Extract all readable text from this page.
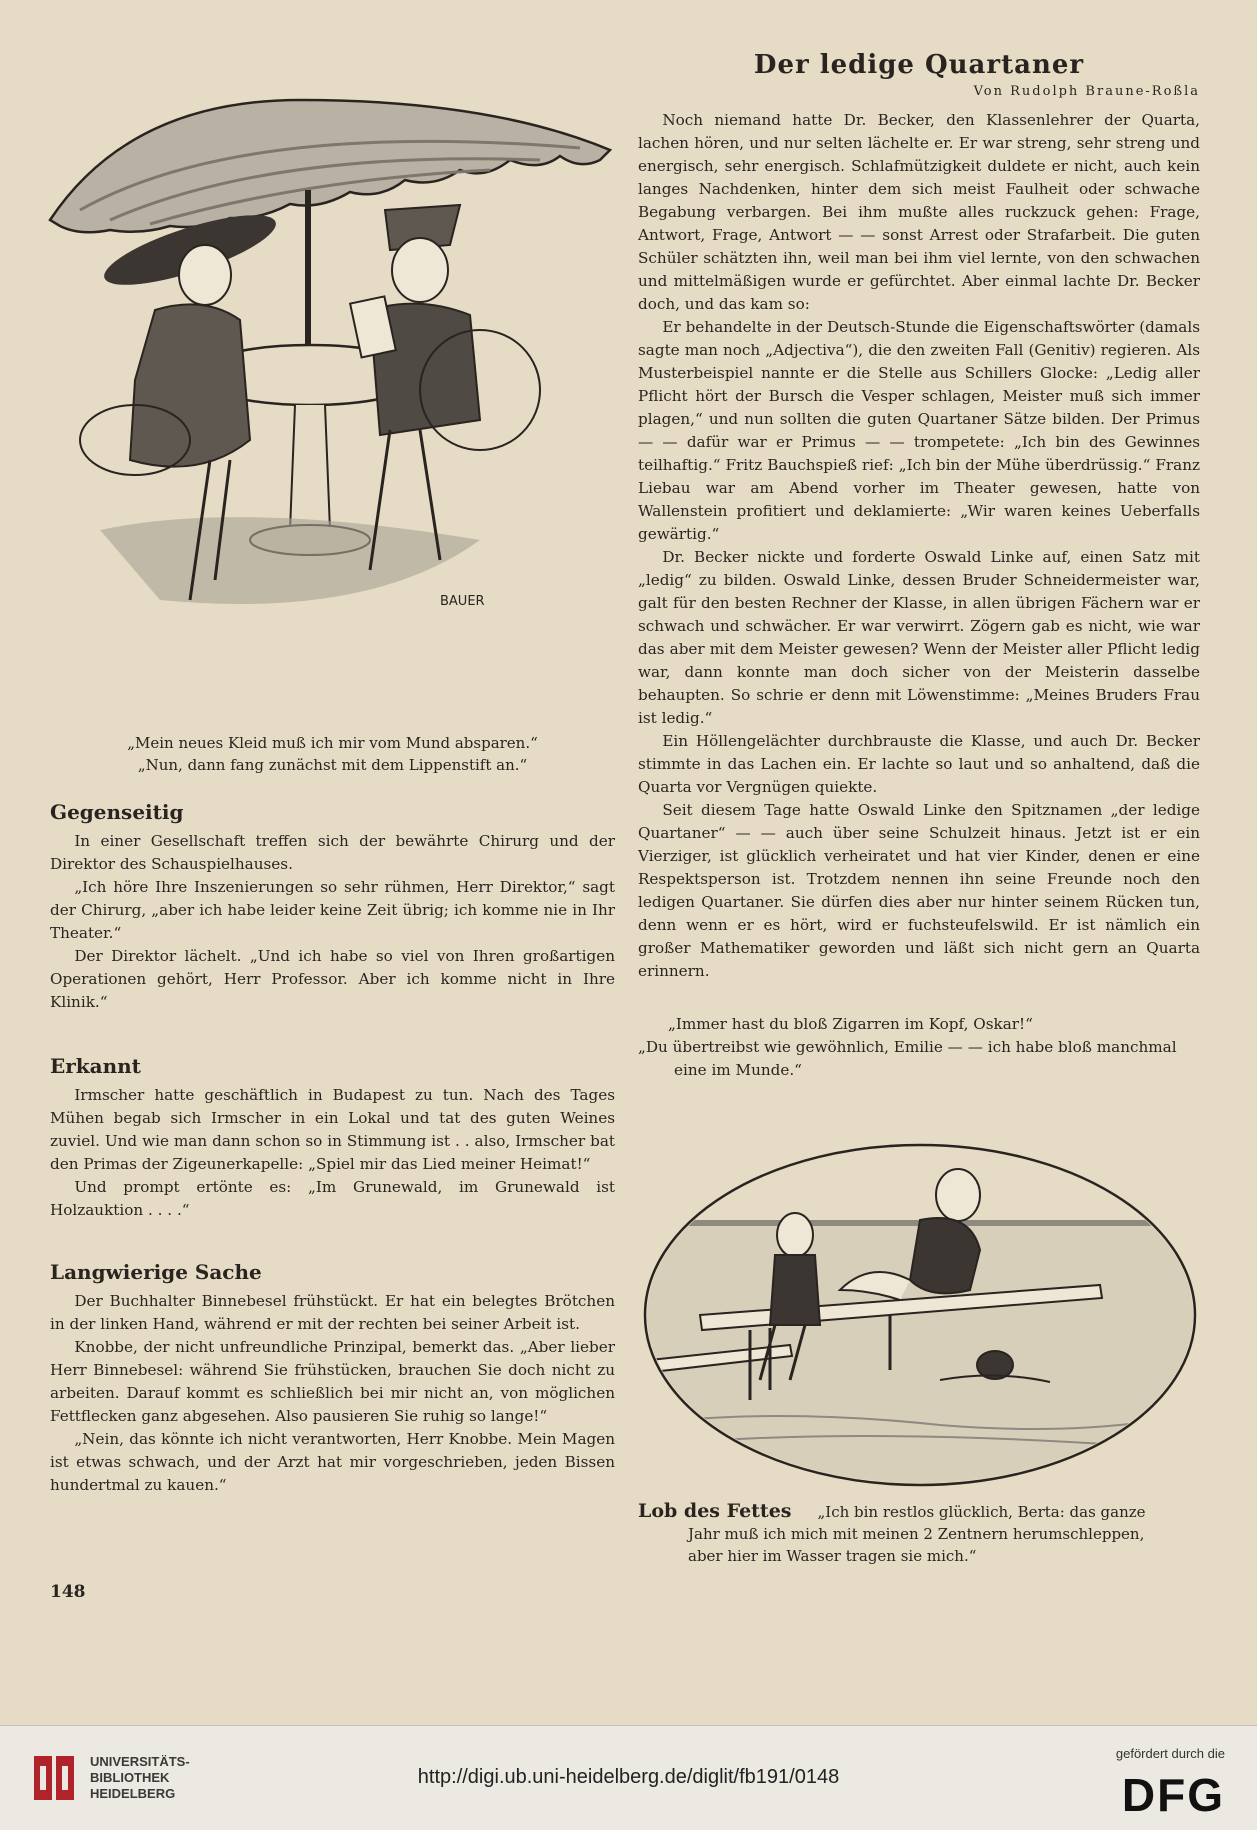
BAUER
„Mein neues Kleid muß ich mir vom Mund absparen.“
„Nun, dann fang zunächst mit dem Lippenstift an.“
Gegenseitig

In einer Gesellschaft treffen sich der bewährte Chirurg und der Direktor des Schauspielhauses.

„Ich höre Ihre Inszenierungen so sehr rühmen, Herr Direktor,“ sagt der Chirurg, „aber ich habe leider keine Zeit übrig; ich komme nie in Ihr Theater.“

Der Direktor lächelt. „Und ich habe so viel von Ihren großartigen Operationen gehört, Herr Professor. Aber ich komme nicht in Ihre Klinik.“

Erkannt

Irmscher hatte geschäftlich in Budapest zu tun. Nach des Tages Mühen begab sich Irmscher in ein Lokal und tat des guten Weines zuviel. Und wie man dann schon so in Stimmung ist . . also, Irmscher bat den Primas der Zigeunerkapelle: „Spiel mir das Lied meiner Heimat!“

Und prompt ertönte es: „Im Grunewald, im Grunewald ist Holzauktion . . . .“

Langwierige Sache

Der Buchhalter Binnebesel frühstückt. Er hat ein belegtes Brötchen in der linken Hand, während er mit der rechten bei seiner Arbeit ist.

Knobbe, der nicht unfreundliche Prinzipal, bemerkt das. „Aber lieber Herr Binnebesel: während Sie frühstücken, brauchen Sie doch nicht zu arbeiten. Darauf kommt es schließlich bei mir nicht an, von möglichen Fettflecken ganz abgesehen. Also pausieren Sie ruhig so lange!“

„Nein, das könnte ich nicht verantworten, Herr Knobbe. Mein Magen ist etwas schwach, und der Arzt hat mir vorgeschrieben, jeden Bissen hundertmal zu kauen.“

148
Der ledige Quartaner
Von Rudolph Braune-Roßla

Noch niemand hatte Dr. Becker, den Klassenlehrer der Quarta, lachen hören, und nur selten lächelte er. Er war streng, sehr streng und energisch, sehr energisch. Schlafmützigkeit duldete er nicht, auch kein langes Nachdenken, hinter dem sich meist Faulheit oder schwache Begabung verbargen. Bei ihm mußte alles ruckzuck gehen: Frage, Antwort, Frage, Antwort — — sonst Arrest oder Strafarbeit. Die guten Schüler schätzten ihn, weil man bei ihm viel lernte, von den schwachen und mittelmäßigen wurde er gefürchtet. Aber einmal lachte Dr. Becker doch, und das kam so:

Er behandelte in der Deutsch-Stunde die Eigenschaftswörter (damals sagte man noch „Adjectiva“), die den zweiten Fall (Genitiv) regieren. Als Musterbeispiel nannte er die Stelle aus Schillers Glocke: „Ledig aller Pflicht hört der Bursch die Vesper schlagen, Meister muß sich immer plagen,“ und nun sollten die guten Quartaner Sätze bilden. Der Primus — — dafür war er Primus — — trompetete: „Ich bin des Gewinnes teilhaftig.“ Fritz Bauchspieß rief: „Ich bin der Mühe überdrüssig.“ Franz Liebau war am Abend vorher im Theater gewesen, hatte von Wallenstein profitiert und deklamierte: „Wir waren keines Ueberfalls gewärtig.“

Dr. Becker nickte und forderte Oswald Linke auf, einen Satz mit „ledig“ zu bilden. Oswald Linke, dessen Bruder Schneidermeister war, galt für den besten Rechner der Klasse, in allen übrigen Fächern war er schwach und schwächer. Er war verwirrt. Zögern gab es nicht, wie war das aber mit dem Meister gewesen? Wenn der Meister aller Pflicht ledig war, dann konnte man doch sicher von der Meisterin dasselbe behaupten. So schrie er denn mit Löwenstimme: „Meines Bruders Frau ist ledig.“

Ein Höllengelächter durchbrauste die Klasse, und auch Dr. Becker stimmte in das Lachen ein. Er lachte so laut und so anhaltend, daß die Quarta vor Vergnügen quiekte.

Seit diesem Tage hatte Oswald Linke den Spitznamen „der ledige Quartaner“ — — auch über seine Schulzeit hinaus. Jetzt ist er ein Vierziger, ist glücklich verheiratet und hat vier Kinder, denen er eine Respektsperson ist. Trotzdem nennen ihn seine Freunde noch den ledigen Quartaner. Sie dürfen dies aber nur hinter seinem Rücken tun, denn wenn er es hört, wird er fuchsteufelswild. Er ist nämlich ein großer Mathematiker geworden und läßt sich nicht gern an Quarta erinnern.

„Immer hast du bloß Zigarren im Kopf, Oskar!“
„Du übertreibst wie gewöhnlich, Emilie — — ich habe bloß manchmal
eine im Munde.“
Lob des Fettes „Ich bin restlos glücklich, Berta: das ganze
Jahr muß ich mich mit meinen 2 Zentnern herumschleppen,
aber hier im Wasser tragen sie mich.“
UNIVERSITÄTS-
BIBLIOTHEK
HEIDELBERG
http://digi.ub.uni-heidelberg.de/diglit/fb191/0148
gefördert durch die
DFG
